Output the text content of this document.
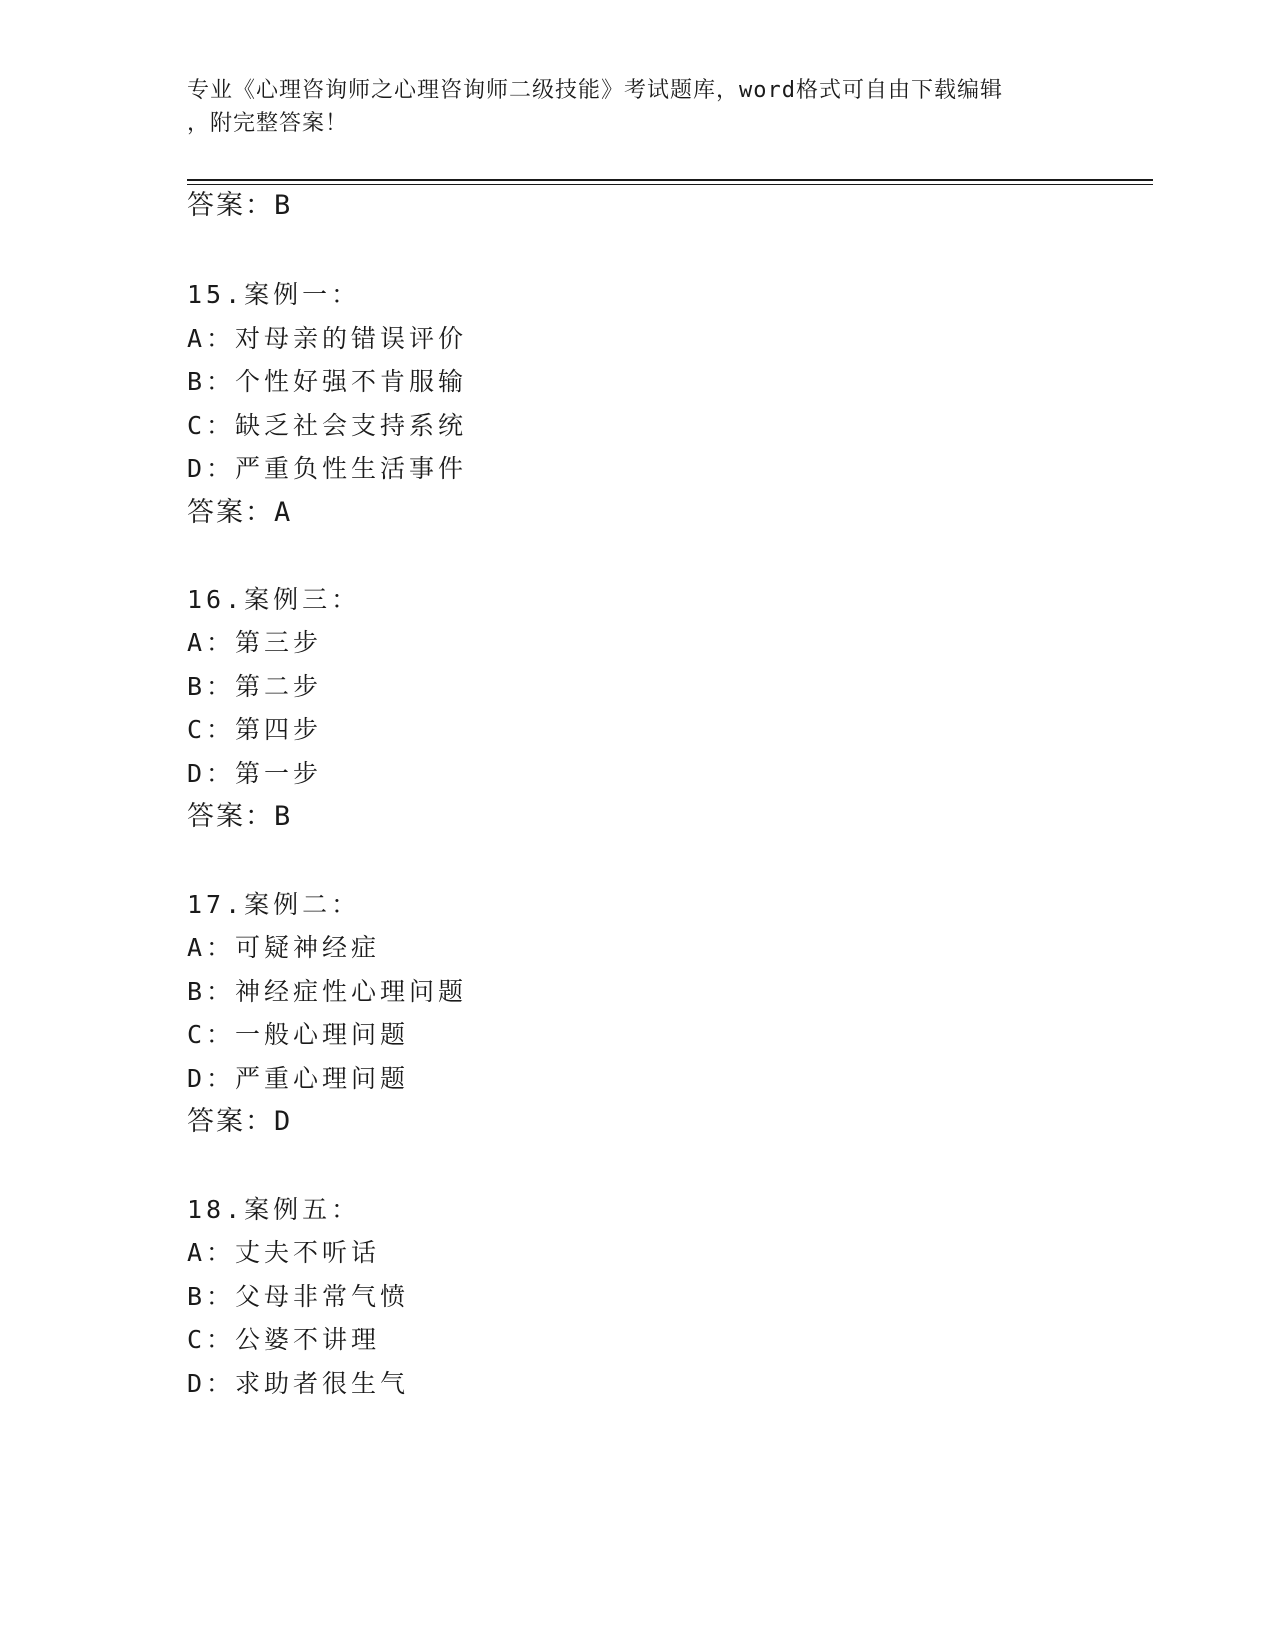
专业《心理咨询师之心理咨询师二级技能》考试题库，word格式可自由下载编辑
，附完整答案！
答案：B
15.案例一：
A：对母亲的错误评价
B：个性好强不肯服输
C：缺乏社会支持系统
D：严重负性生活事件
答案：A
16.案例三：
A：第三步
B：第二步
C：第四步
D：第一步
答案：B
17.案例二：
A：可疑神经症
B：神经症性心理问题
C：一般心理问题
D：严重心理问题
答案：D
18.案例五：
A：丈夫不听话
B：父母非常气愤
C：公婆不讲理
D：求助者很生气
